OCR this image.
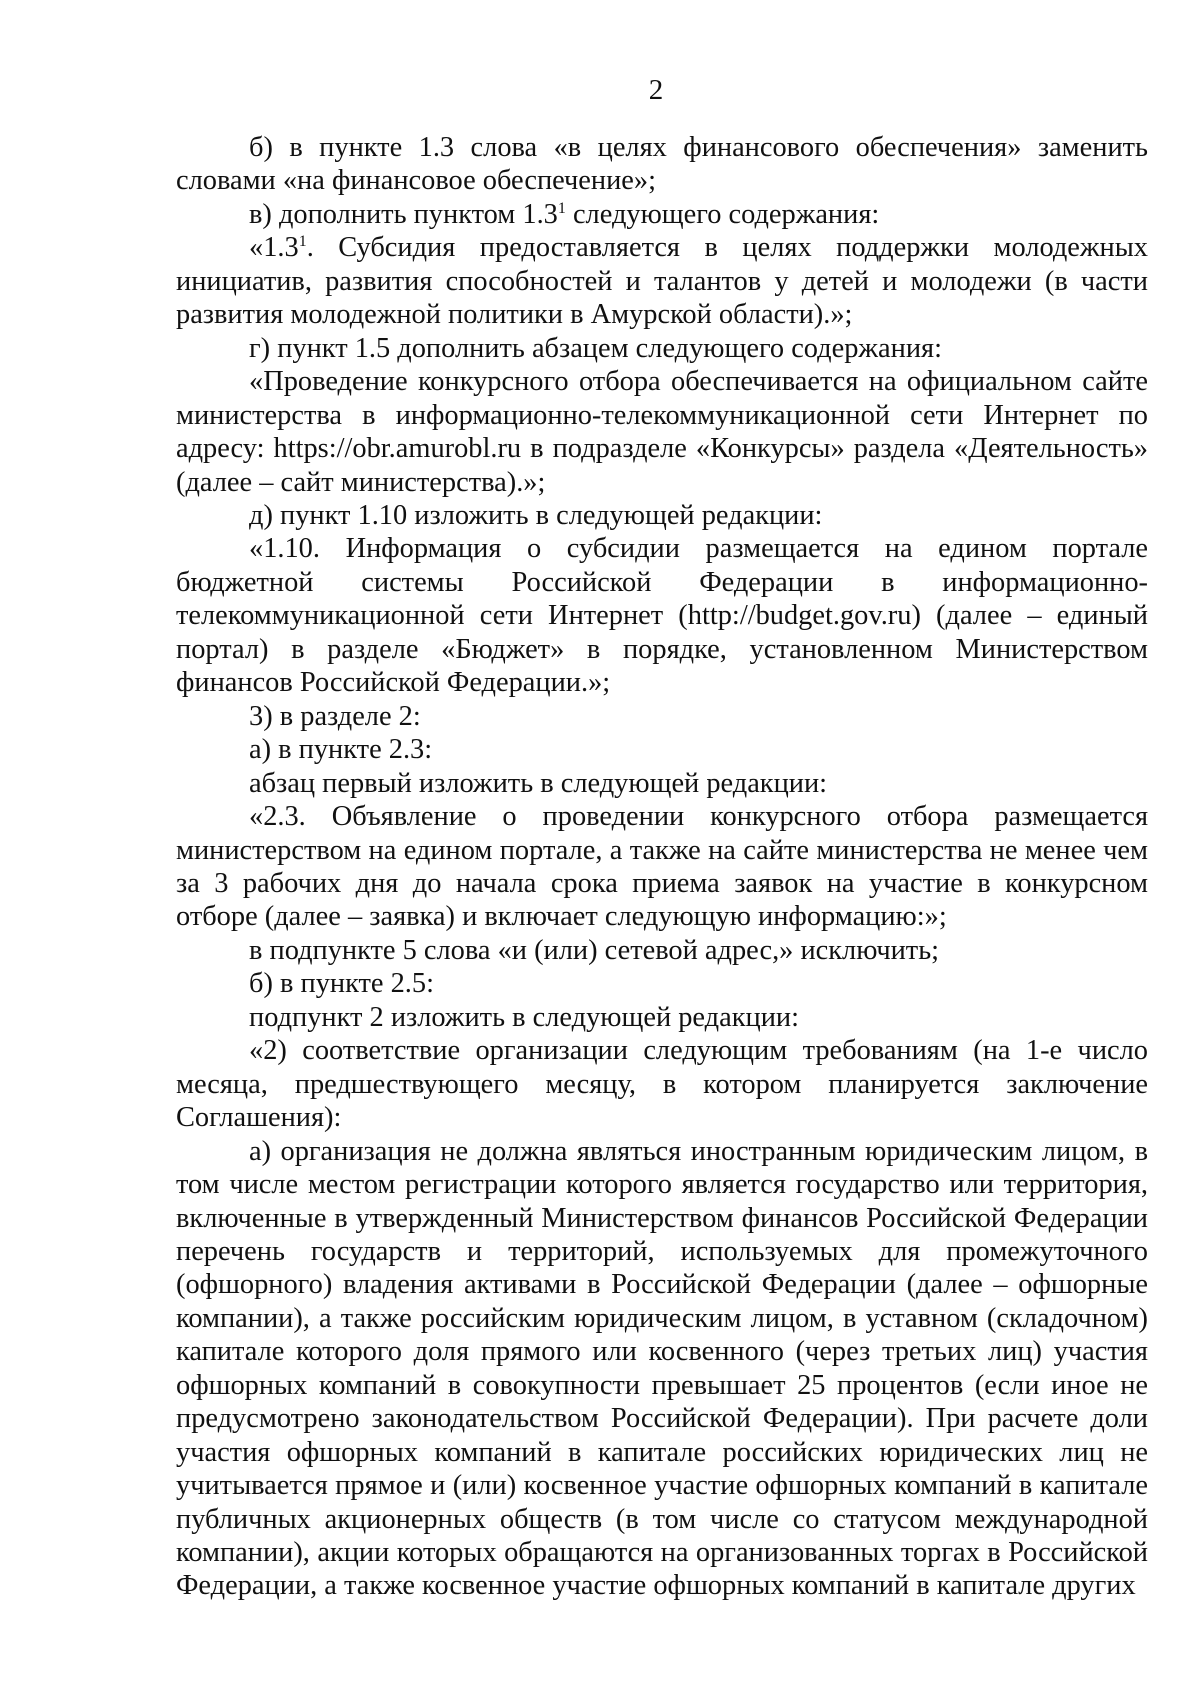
2

б) в пункте 1.3 слова «в целях финансового обеспечения» заменить словами «на финансовое обеспечение»;

в) дополнить пунктом $1.3^1$ следующего содержания:

«$1.3^1$. Субсидия предоставляется в целях поддержки молодежных инициатив, развития способностей и талантов у детей и молодежи (в части развития молодежной политики в Амурской области).»;

г) пункт 1.5 дополнить абзацем следующего содержания:

«Проведение конкурсного отбора обеспечивается на официальном сайте министерства в информационно-телекоммуникационной сети Интернет по адресу: https://obr.amurobl.ru в подразделе «Конкурсы» раздела «Деятельность» (далее – сайт министерства).»;

д) пункт 1.10 изложить в следующей редакции:

«1.10. Информация о субсидии размещается на едином портале бюджетной системы Российской Федерации в информационно-телекоммуникационной сети Интернет (http://budget.gov.ru) (далее – единый портал) в разделе «Бюджет» в порядке, установленном Министерством финансов Российской Федерации.»;

3) в разделе 2:

а) в пункте 2.3:

абзац первый изложить в следующей редакции:

«2.3. Объявление о проведении конкурсного отбора размещается министерством на едином портале, а также на сайте министерства не менее чем за 3 рабочих дня до начала срока приема заявок на участие в конкурсном отборе (далее – заявка) и включает следующую информацию:»;

в подпункте 5 слова «и (или) сетевой адрес,» исключить;

б) в пункте 2.5:

подпункт 2 изложить в следующей редакции:

«2) соответствие организации следующим требованиям (на 1-е число месяца, предшествующего месяцу, в котором планируется заключение Соглашения):

а) организация не должна являться иностранным юридическим лицом, в том числе местом регистрации которого является государство или территория, включенные в утвержденный Министерством финансов Российской Федерации перечень государств и территорий, используемых для промежуточного (офшорного) владения активами в Российской Федерации (далее – офшорные компании), а также российским юридическим лицом, в уставном (складочном) капитале которого доля прямого или косвенного (через третьих лиц) участия офшорных компаний в совокупности превышает 25 процентов (если иное не предусмотрено законодательством Российской Федерации). При расчете доли участия офшорных компаний в капитале российских юридических лиц не учитывается прямое и (или) косвенное участие офшорных компаний в капитале публичных акционерных обществ (в том числе со статусом международной компании), акции которых обращаются на организованных торгах в Российской Федерации, а также косвенное участие офшорных компаний в капитале других
